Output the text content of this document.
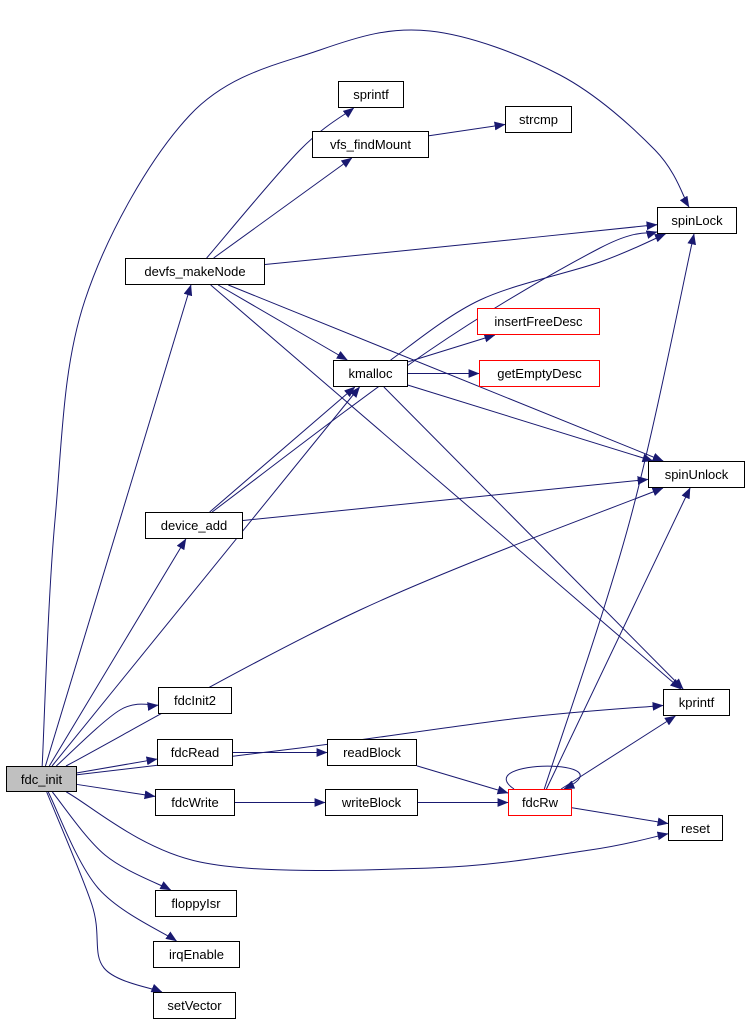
fdc_init
devfs_makeNode
sprintf
vfs_findMount
strcmp
spinLock
insertFreeDesc
kmalloc	getEmptyDesc
spinUnlock
device_add
kprintf
fdcInit2
fdcRead	readBlock
fdcWrite	writeBlock	fdcRw
reset
floppyIsr
irqEnable
setVector
